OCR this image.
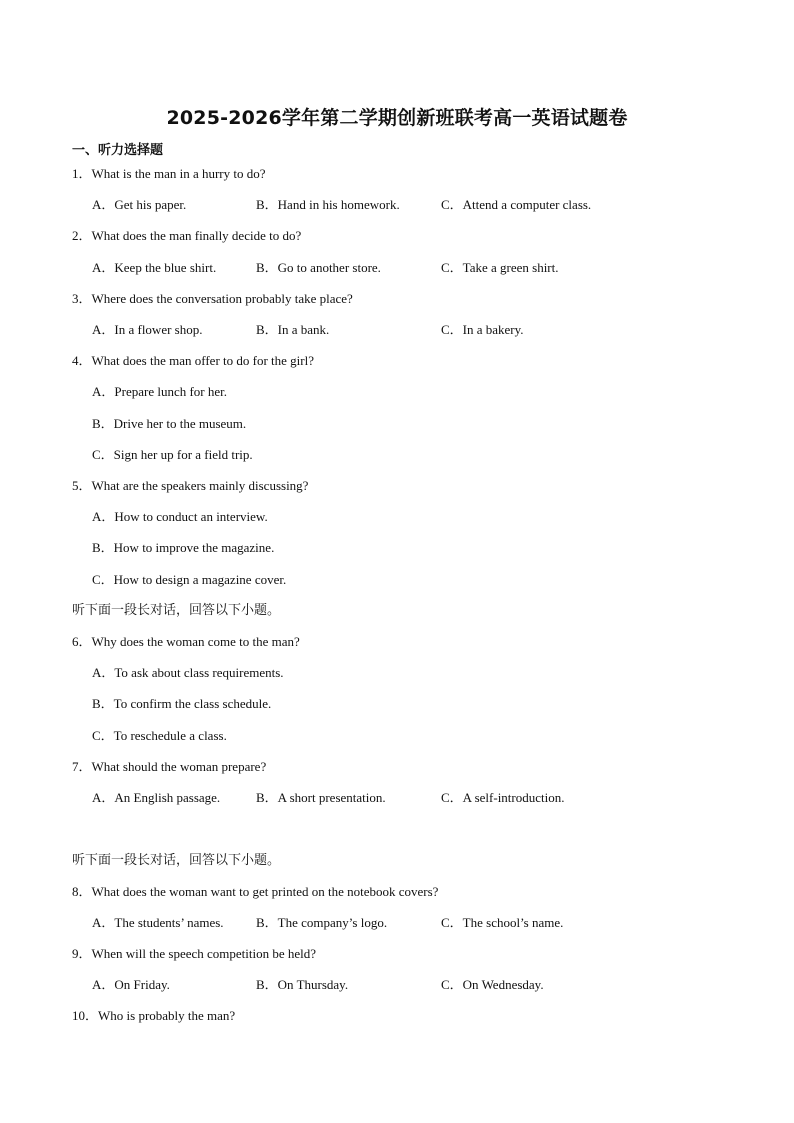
2025-2026学年第二学期创新班联考高一英语试题卷
一、听力选择题
1．What is the man in a hurry to do?
A．Get his paper.	B．Hand in his homework.	C．Attend a computer class.
2．What does the man finally decide to do?
A．Keep the blue shirt.	B．Go to another store.	C．Take a green shirt.
3．Where does the conversation probably take place?
A．In a flower shop.	B．In a bank.	C．In a bakery.
4．What does the man offer to do for the girl?
A．Prepare lunch for her.
B．Drive her to the museum.
C．Sign her up for a field trip.
5．What are the speakers mainly discussing?
A．How to conduct an interview.
B．How to improve the magazine.
C．How to design a magazine cover.
听下面一段长对话，回答以下小题。
6．Why does the woman come to the man?
A．To ask about class requirements.
B．To confirm the class schedule.
C．To reschedule a class.
7．What should the woman prepare?
A．An English passage.	B．A short presentation.	C．A self-introduction.
听下面一段长对话，回答以下小题。
8．What does the woman want to get printed on the notebook covers?
A．The students’ names. B．The company’s logo.	C．The school’s name.
9．When will the speech competition be held?
A．On Friday.	B．On Thursday.	C．On Wednesday.
10．Who is probably the man?
